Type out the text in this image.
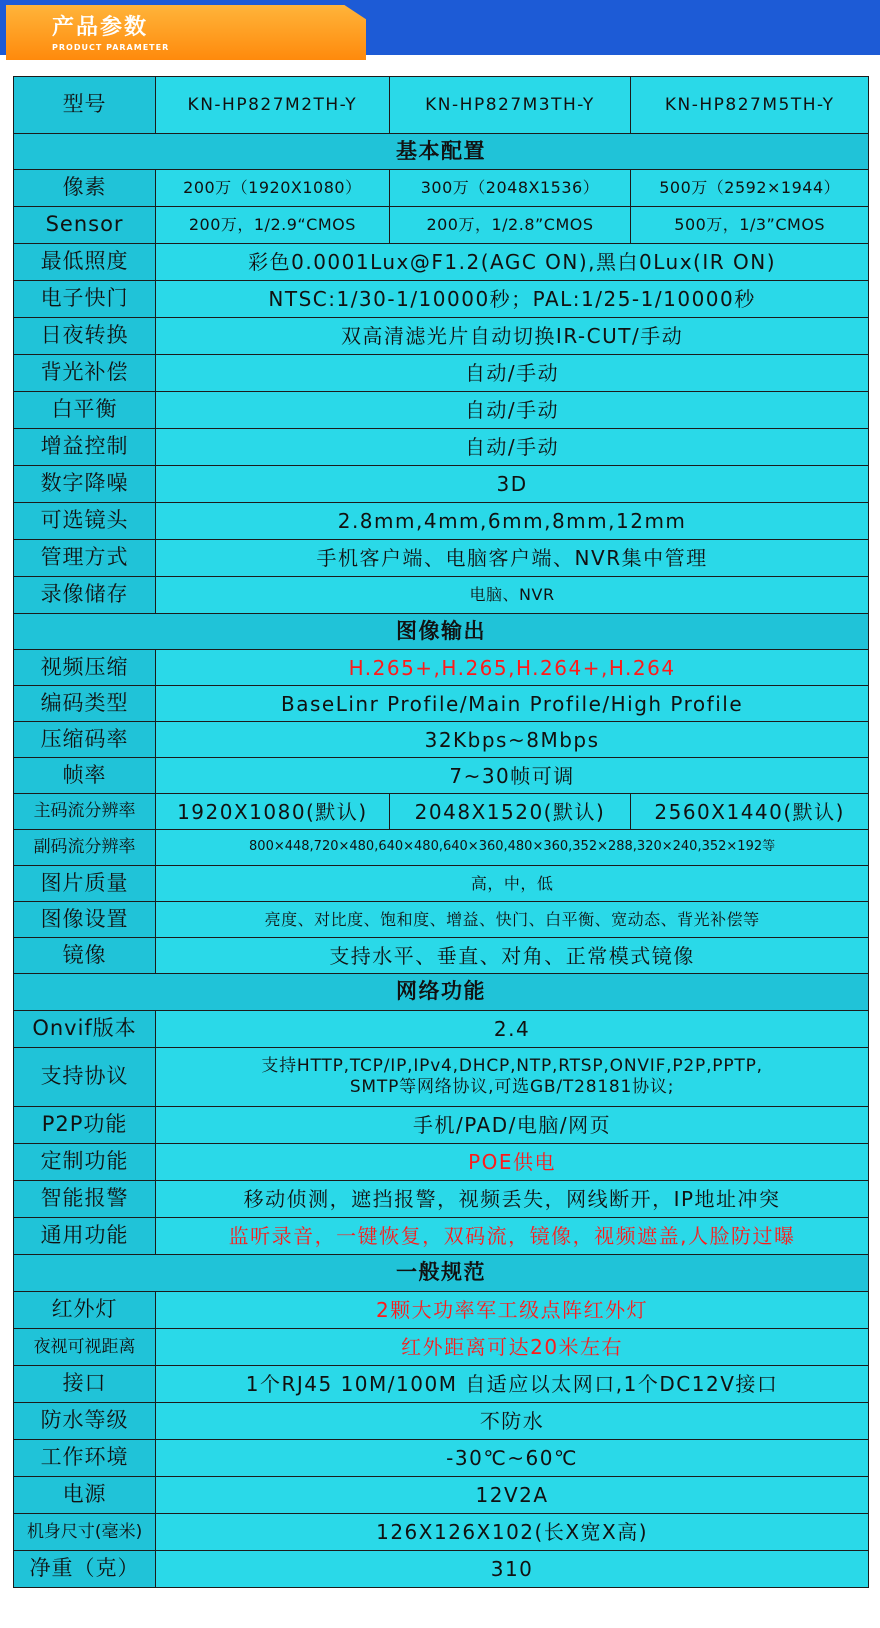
产品参数
PRODUCT PARAMETER
型号	KN-HP827M2TH-Y	KN-HP827M3TH-Y	KN-HP827M5TH-Y
基本配置			
像素	200万（1920X1080）	300万（2048X1536）	500万（2592×1944）
Sensor	200万，1/2.9“CMOS	200万，1/2.8”CMOS	500万，1/3”CMOS
最低照度	彩色0.0001Lux@F1.2(AGC ON),黑白0Lux(IR ON)		
电子快门	NTSC:1/30-1/10000秒；PAL:1/25-1/10000秒		
日夜转换	双高清滤光片自动切换IR-CUT/手动		
背光补偿	自动/手动		
白平衡	自动/手动		
增益控制	自动/手动		
数字降噪	3D		
可选镜头	2.8mm,4mm,6mm,8mm,12mm		
管理方式	手机客户端、电脑客户端、NVR集中管理		
录像储存	电脑、NVR		
图像输出			
视频压缩	H.265+,H.265,H.264+,H.264		
编码类型	BaseLinr Profile/Main Profile/High Profile		
压缩码率	32Kbps~8Mbps		
帧率	7~30帧可调		
主码流分辨率	1920X1080(默认)	2048X1520(默认)	2560X1440(默认)
副码流分辨率	800×448,720×480,640×480,640×360,480×360,352×288,320×240,352×192等		
图片质量	高，中，低		
图像设置	亮度、对比度、饱和度、增益、快门、白平衡、宽动态、背光补偿等		
镜像	支持水平、垂直、对角、正常模式镜像		
网络功能			
Onvif版本	2.4		
支持协议	支持HTTP,TCP/IP,IPv4,DHCP,NTP,RTSP,ONVIF,P2P,PPTP,
SMTP等网络协议,可选GB/T28181协议;		
P2P功能	手机/PAD/电脑/网页		
定制功能	POE供电		
智能报警	移动侦测，遮挡报警，视频丢失，网线断开，IP地址冲突		
通用功能	监听录音，一键恢复，双码流，镜像，视频遮盖,人脸防过曝		
一般规范			
红外灯	2颗大功率军工级点阵红外灯		
夜视可视距离	红外距离可达20米左右		
接口	1个RJ45 10M/100M 自适应以太网口,1个DC12V接口		
防水等级	不防水		
工作环境	-30℃~60℃		
电源	12V2A		
机身尺寸(毫米)	126X126X102(长X宽X高)		
净重（克）	310		
